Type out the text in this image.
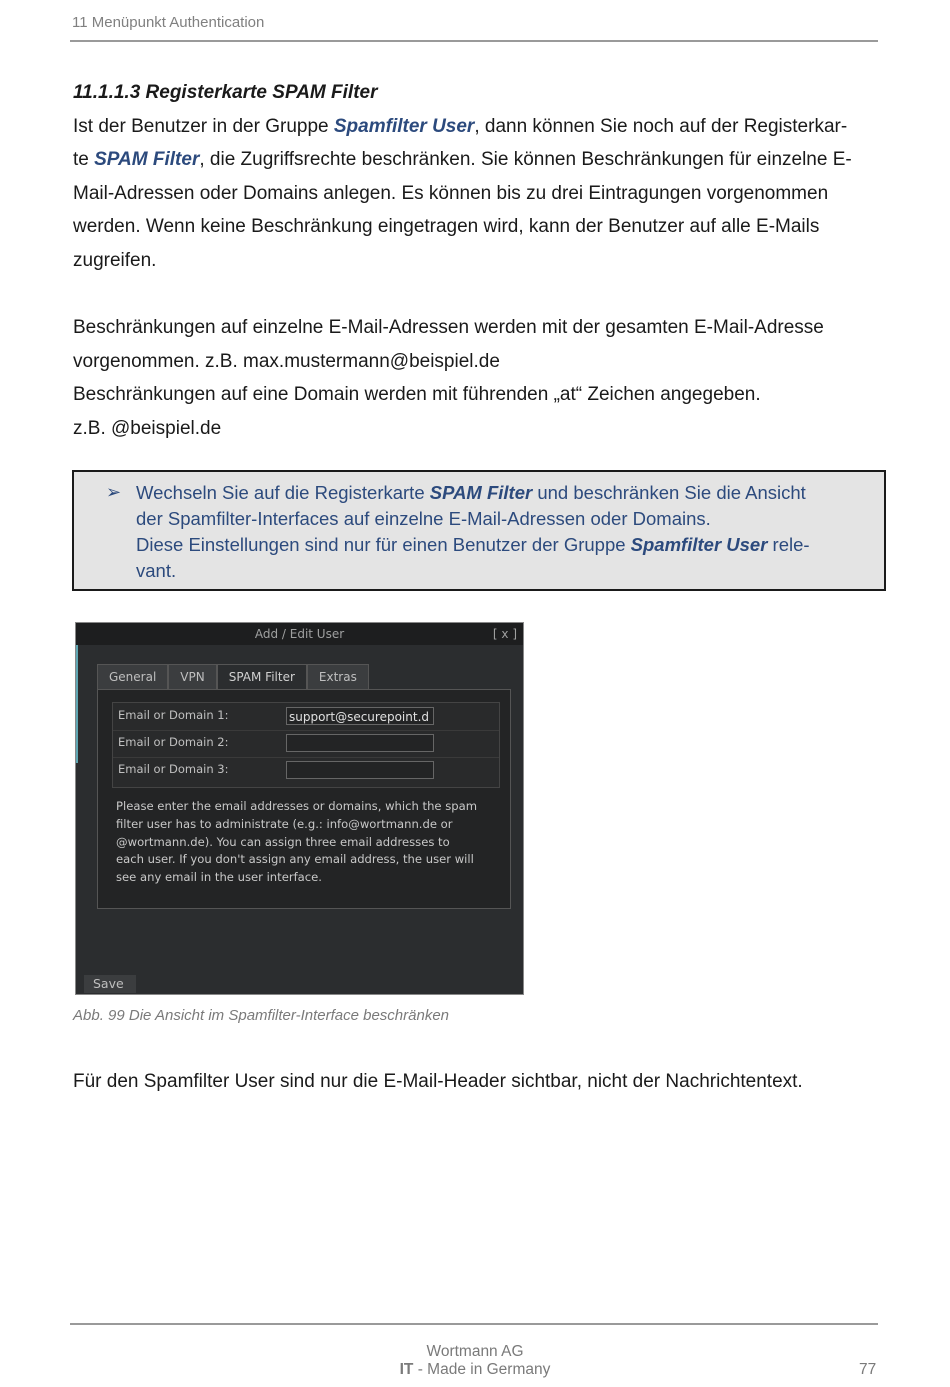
11 Menüpunkt Authentication

11.1.1.3 Registerkarte SPAM Filter

Ist der Benutzer in der Gruppe Spamfilter User, dann können Sie noch auf der Registerkar-

te SPAM Filter, die Zugriffsrechte beschränken. Sie können Beschränkungen für einzelne E-

Mail-Adressen oder Domains anlegen. Es können bis zu drei Eintragungen vorgenommen

werden. Wenn keine Beschränkung eingetragen wird, kann der Benutzer auf alle E-Mails

zugreifen.

Beschränkungen auf einzelne E-Mail-Adressen werden mit der gesamten E-Mail-Adresse

vorgenommen. z.B. max.mustermann@beispiel.de

Beschränkungen auf eine Domain werden mit führenden „at“ Zeichen angegeben.

z.B. @beispiel.de

➢ Wechseln Sie auf die Registerkarte SPAM Filter und beschränken Sie die Ansicht
der Spamfilter-Interfaces auf einzelne E-Mail-Adressen oder Domains.
Diese Einstellungen sind nur für einen Benutzer der Gruppe Spamfilter User rele-
vant.
Add / Edit User	[ x ]
General	VPN	SPAM Filter	Extras
Email or Domain 1:	support@securepoint.d
Email or Domain 2:
Email or Domain 3:
Please enter the email addresses or domains, which the spam
filter user has to administrate (e.g.: info@wortmann.de or
@wortmann.de). You can assign three email addresses to
each user. If you don't assign any email address, the user will
see any email in the user interface.
Save
Abb. 99 Die Ansicht im Spamfilter-Interface beschränken
Für den Spamfilter User sind nur die E-Mail-Header sichtbar, nicht der Nachrichtentext.
Wortmann AG
IT - Made in Germany	77
